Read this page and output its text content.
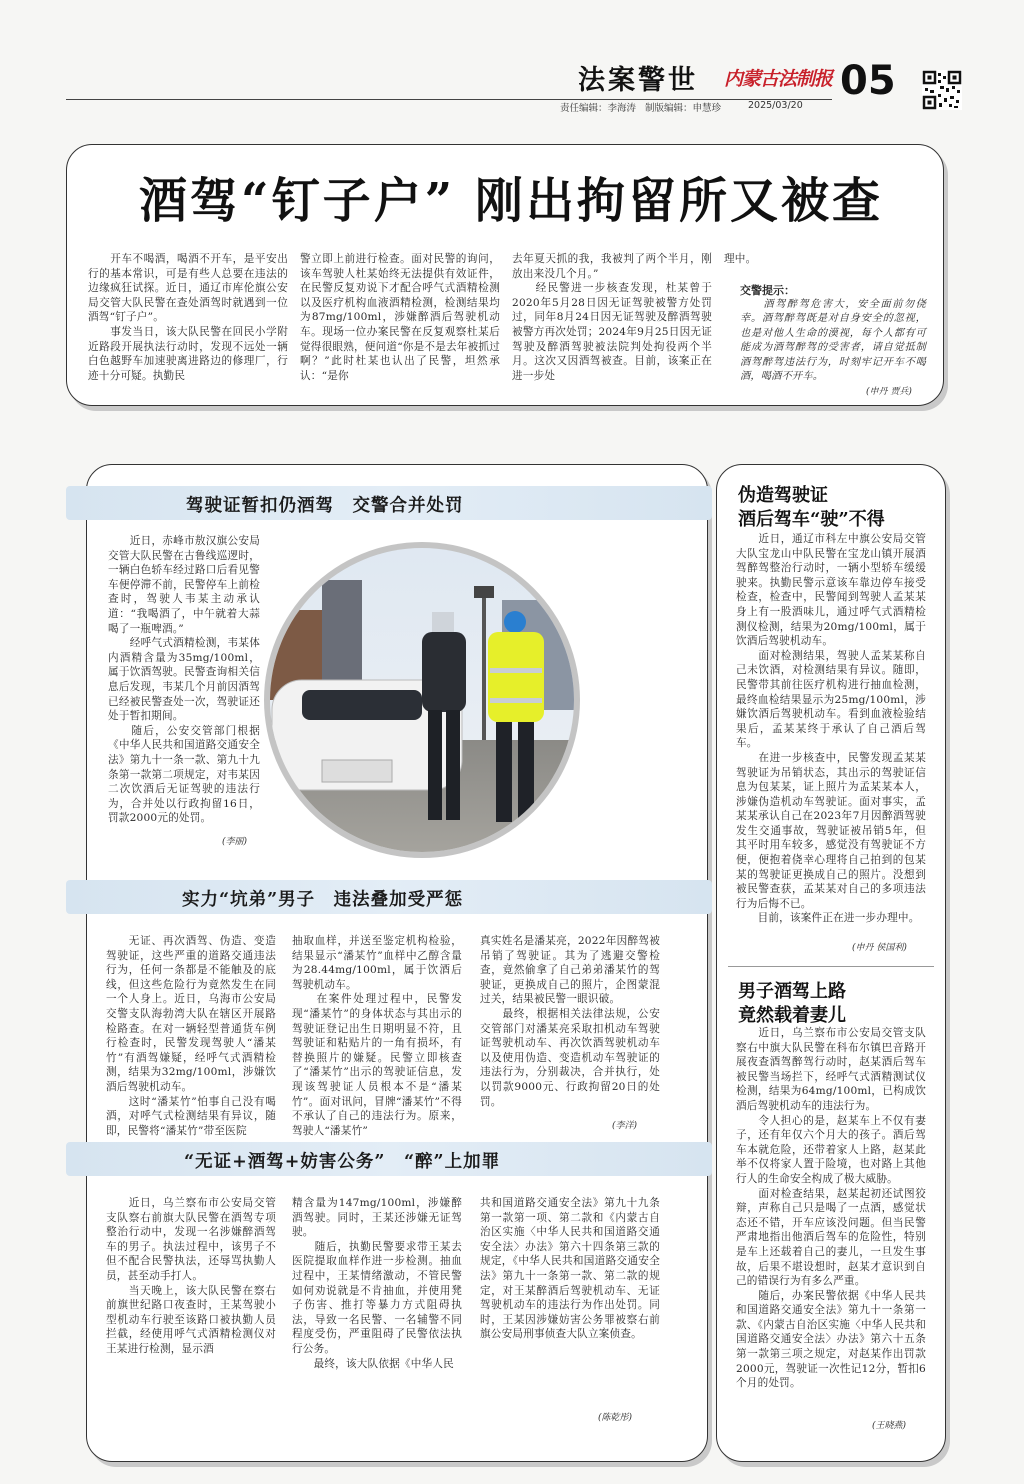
法案警世 内蒙古法制报 05
责任编辑：李海涛   制版编辑：申慧珍	2025/03/20
酒驾“钉子户” 刚出拘留所又被查
　　开车不喝酒，喝酒不开车，是平安出行的基本常识，可是有些人总要在违法的边缘疯狂试探。近日，通辽市库伦旗公安局交管大队民警在查处酒驾时就遇到一位酒驾“钉子户”。
　　事发当日，该大队民警在回民小学附近路段开展执法行动时，发现不远处一辆白色越野车加速驶离进路边的修理厂，行迹十分可疑。执勤民
警立即上前进行检查。面对民警的询问，该车驾驶人杜某始终无法提供有效证件，在民警反复劝说下才配合呼气式酒精检测以及医疗机构血液酒精检测，检测结果均为87mg/100ml，涉嫌醉酒后驾驶机动车。现场一位办案民警在反复观察杜某后觉得很眼熟，便问道“你是不是去年被抓过啊？”此时杜某也认出了民警，坦然承认：“是你
去年夏天抓的我，我被判了两个半月，刚放出来没几个月。”
　　经民警进一步核查发现，杜某曾于2020年5月28日因无证驾驶被警方处罚过，同年8月24日因无证驾驶及醉酒驾驶被警方再次处罚；2024年9月25日因无证驾驶及醉酒驾驶被法院判处拘役两个半月。这次又因酒驾被查。目前，该案正在进一步处
理中。
交警提示：
　　酒驾醉驾危害大，安全面前勿侥幸。酒驾醉驾既是对自身安全的忽视，也是对他人生命的漠视，每个人都有可能成为酒驾醉驾的受害者，请自觉抵制酒驾醉驾违法行为，时刻牢记开车不喝酒，喝酒不开车。
(申丹 贾兵)
驾驶证暂扣仍酒驾　交警合并处罚
　　近日，赤峰市敖汉旗公安局交管大队民警在古鲁线巡逻时，一辆白色轿车经过路口后看见警车便停滞不前，民警停车上前检查时，驾驶人韦某主动承认道：“我喝酒了，中午就着大蒜喝了一瓶啤酒。”
　　经呼气式酒精检测，韦某体内酒精含量为35mg/100ml，属于饮酒驾驶。民警查询相关信息后发现，韦某几个月前因酒驾已经被民警查处一次，驾驶证还处于暂扣期间。
　　随后，公安交管部门根据《中华人民共和国道路交通安全法》第九十一条一款、第九十九条第一款第二项规定，对韦某因二次饮酒后无证驾驶的违法行为，合并处以行政拘留16日，罚款2000元的处罚。
(李丽)
实力“坑弟”男子　违法叠加受严惩
　　无证、再次酒驾、伪造、变造驾驶证，这些严重的道路交通违法行为，任何一条都是不能触及的底线，但这些危险行为竟然发生在同一个人身上。近日，乌海市公安局交警支队海勃湾大队在辖区开展路检路查。在对一辆轻型普通货车例行检查时，民警发现驾驶人“潘某竹”有酒驾嫌疑，经呼气式酒精检测，结果为32mg/100ml，涉嫌饮酒后驾驶机动车。
　　这时“潘某竹”怕事自己没有喝酒，对呼气式检测结果有异议，随即，民警将“潘某竹”带至医院
抽取血样，并送至鉴定机构检验，结果显示“潘某竹”血样中乙醇含量为28.44mg/100ml，属于饮酒后驾驶机动车。
　　在案件处理过程中，民警发现“潘某竹”的身体状态与其出示的驾驶证登记出生日期明显不符，且驾驶证和粘贴片的一角有损坏，有替换照片的嫌疑。民警立即核查了“潘某竹”出示的驾驶证信息，发现该驾驶证人员根本不是“潘某竹”。面对讯问，冒牌“潘某竹”不得不承认了自己的违法行为。原来，驾驶人“潘某竹”
真实姓名是潘某亮，2022年因醉驾被吊销了驾驶证。其为了逃避交警检查，竟然偷拿了自己弟弟潘某竹的驾驶证，更换成自己的照片，企图蒙混过关，结果被民警一眼识破。
　　最终，根据相关法律法规，公安交管部门对潘某亮采取扣机动车驾驶证驾驶机动车、再次饮酒驾驶机动车以及使用伪造、变造机动车驾驶证的违法行为，分别裁决，合并执行，处以罚款9000元、行政拘留20日的处罚。
(李洋)
“无证+酒驾+妨害公务”　“醉”上加罪
　　近日，乌兰察布市公安局交管支队察右前旗大队民警在酒驾专项整治行动中，发现一名涉嫌醉酒驾车的男子。执法过程中，该男子不但不配合民警执法，还辱骂执勤人员，甚至动手打人。
　　当天晚上，该大队民警在察右前旗世纪路口夜查时，王某驾驶小型机动车行驶至该路口被执勤人员拦截，经使用呼气式酒精检测仪对王某进行检测，显示酒
精含量为147mg/100ml，涉嫌醉酒驾驶。同时，王某还涉嫌无证驾驶。
　　随后，执勤民警要求带王某去医院提取血样作进一步检测。抽血过程中，王某情绪激动，不管民警如何劝说就是不肯抽血，并使用凳子伤害、推打等暴力方式阻碍执法，导致一名民警、一名辅警不同程度受伤，严重阻碍了民警依法执行公务。
　　最终，该大队依据《中华人民
共和国道路交通安全法》第九十九条第一款第一项、第二款和《内蒙古自治区实施〈中华人民共和国道路交通安全法〉办法》第六十四条第三款的规定，《中华人民共和国道路交通安全法》第九十一条第一款、第二款的规定，对王某醉酒后驾驶机动车、无证驾驶机动车的违法行为作出处罚。同时，王某因涉嫌妨害公务罪被察右前旗公安局刑事侦查大队立案侦查。
(陈乾彤)
伪造驾驶证
酒后驾车“驶”不得
　　近日，通辽市科左中旗公安局交管大队宝龙山中队民警在宝龙山镇开展酒驾醉驾整治行动时，一辆小型轿车缓缓驶来。执勤民警示意该车靠边停车接受检查，检查中，民警闻到驾驶人孟某某身上有一股酒味儿，通过呼气式酒精检测仪检测，结果为20mg/100ml，属于饮酒后驾驶机动车。
　　面对检测结果，驾驶人孟某某称自己未饮酒，对检测结果有异议。随即，民警带其前往医疗机构进行抽血检测，最终血检结果显示为25mg/100ml，涉嫌饮酒后驾驶机动车。看到血液检验结果后，孟某某终于承认了自己酒后驾车。
　　在进一步核查中，民警发现孟某某驾驶证为吊销状态，其出示的驾驶证信息为包某某，证上照片为孟某某本人，涉嫌伪造机动车驾驶证。面对事实，孟某某承认自己在2023年7月因醉酒驾驶发生交通事故，驾驶证被吊销5年，但其平时用车较多，感觉没有驾驶证不方便，便抱着侥幸心理将自己拍到的包某某的驾驶证更换成自己的照片。没想到被民警查获，孟某某对自己的多项违法行为后悔不已。
　　目前，该案件正在进一步办理中。
(申丹 侯国利)
男子酒驾上路
竟然载着妻儿
　　近日，乌兰察布市公安局交管支队察右中旗大队民警在科布尔镇巴音路开展夜查酒驾醉驾行动时，赵某酒后驾车被民警当场拦下，经呼气式酒精测试仪检测，结果为64mg/100ml，已构成饮酒后驾驶机动车的违法行为。
　　令人担心的是，赵某车上不仅有妻子，还有年仅六个月大的孩子。酒后驾车本就危险，还带着家人上路，赵某此举不仅将家人置于险境，也对路上其他行人的生命安全构成了极大威胁。
　　面对检查结果，赵某起初还试图狡辩，声称自己只是喝了一点酒，感觉状态还不错，开车应该没问题。但当民警严肃地指出他酒后驾车的危险性，特别是车上还载着自己的妻儿，一旦发生事故，后果不堪设想时，赵某才意识到自己的错误行为有多么严重。
　　随后，办案民警依据《中华人民共和国道路交通安全法》第九十一条第一款、《内蒙古自治区实施〈中华人民共和国道路交通安全法〉办法》第六十五条第一款第三项之规定，对赵某作出罚款2000元，驾驶证一次性记12分，暂扣6个月的处罚。
(王晓燕)
